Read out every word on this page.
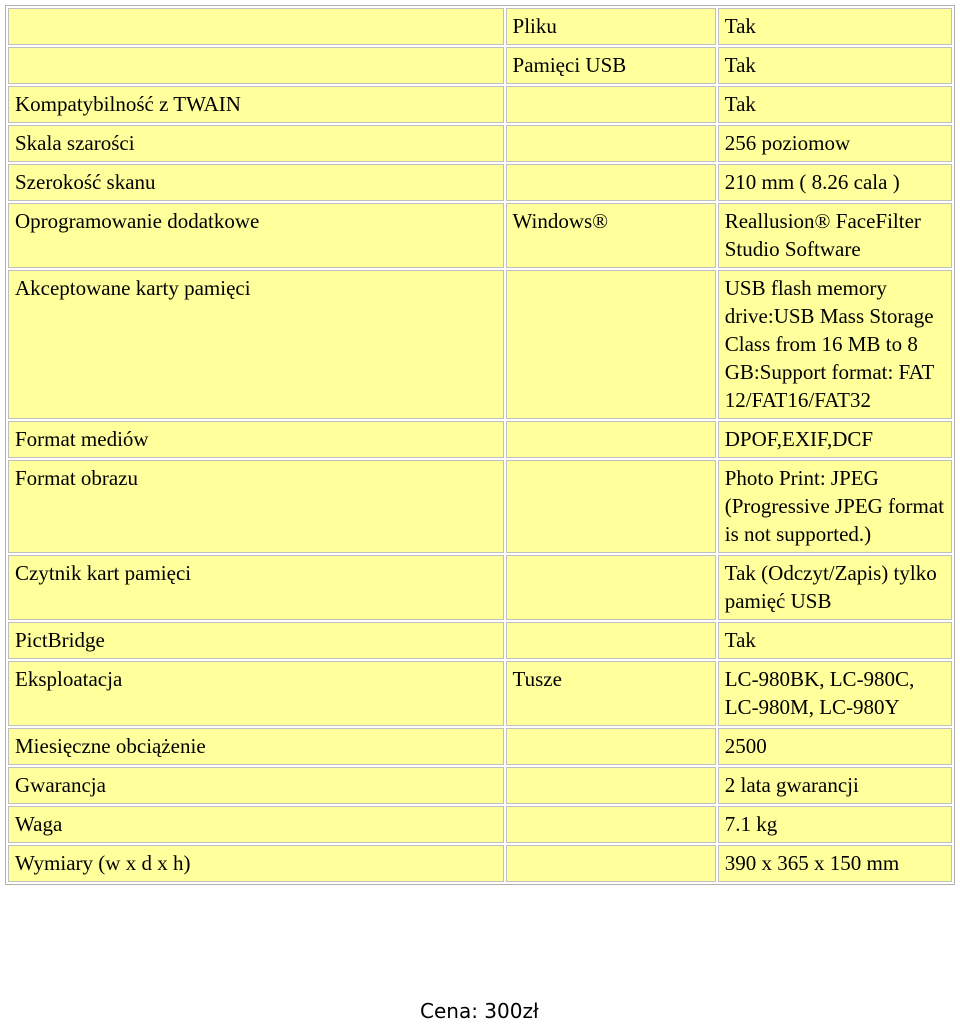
	Pliku	Tak
	Pamięci USB	Tak
Kompatybilność z TWAIN		Tak
Skala szarości		256 poziomow
Szerokość skanu		210 mm ( 8.26 cala )
Oprogramowanie dodatkowe	Windows®	Reallusion® FaceFilter Studio Software
Akceptowane karty pamięci		USB flash memory drive:USB Mass Storage Class from 16 MB to 8 GB:Support format: FAT 12/FAT16/FAT32
Format mediów		DPOF,EXIF,DCF
Format obrazu		Photo Print: JPEG (Progressive JPEG format is not supported.)
Czytnik kart pamięci		Tak (Odczyt/Zapis) tylko pamięć USB
PictBridge		Tak
Eksploatacja	Tusze	LC-980BK, LC-980C, LC-980M, LC-980Y
Miesięczne obciążenie		2500
Gwarancja		2 lata gwarancji
Waga		7.1 kg
Wymiary (w x d x h)		390 x 365 x 150 mm
Cena: 300zł
